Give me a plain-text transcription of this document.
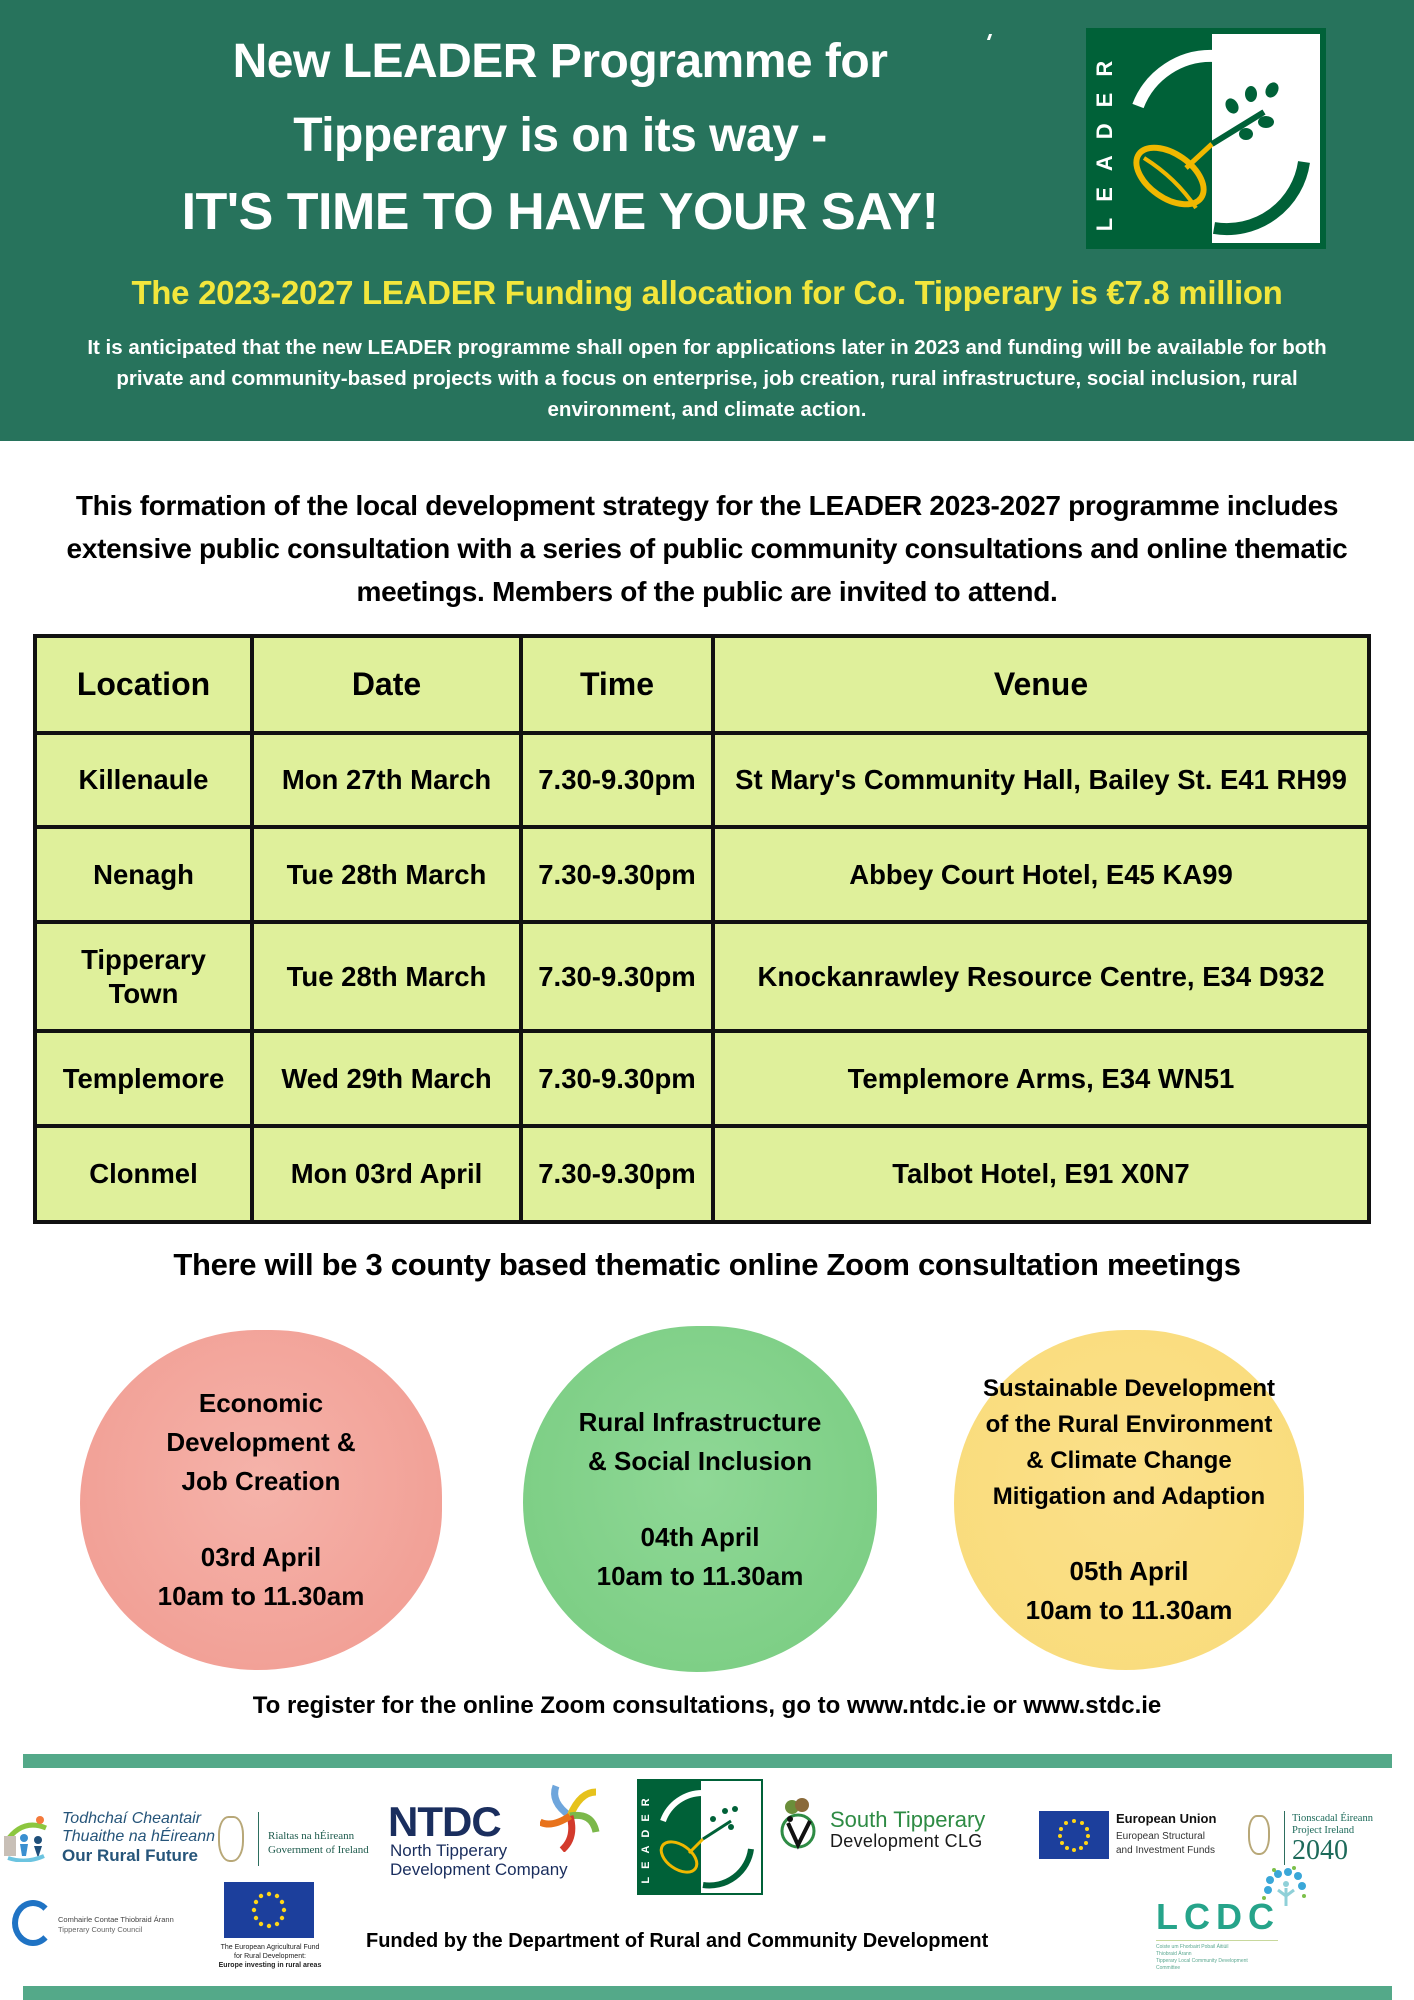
New LEADER Programme for
Tipperary is on its way -
IT'S TIME TO HAVE YOUR SAY!	LEADER
The 2023-2027 LEADER Funding allocation for Co. Tipperary is €7.8 million
It is anticipated that the new LEADER programme shall open for applications later in 2023 and funding will be available for both private and community-based projects with a focus on enterprise, job creation, rural infrastructure, social inclusion, rural environment, and climate action.
This formation of the local development strategy for the LEADER 2023-2027 programme includes extensive public consultation with a series of public community consultations and online thematic meetings. Members of the public are invited to attend.
Location	Date	Time	Venue
Killenaule	Mon 27th March	7.30-9.30pm	St Mary's Community Hall, Bailey St. E41 RH99
Nenagh	Tue 28th March	7.30-9.30pm	Abbey Court Hotel, E45 KA99
Tipperary Town	Tue 28th March	7.30-9.30pm	Knockanrawley Resource Centre, E34 D932
Templemore	Wed 29th March	7.30-9.30pm	Templemore Arms, E34 WN51
Clonmel	Mon 03rd April	7.30-9.30pm	Talbot Hotel, E91 X0N7
There will be 3 county based thematic online Zoom consultation meetings
Economic
Development &
Job Creation
03rd April
10am to 11.30am
Rural Infrastructure
& Social Inclusion
04th April
10am to 11.30am
Sustainable Development
of the Rural Environment
& Climate Change
Mitigation and Adaption
05th April
10am to 11.30am
To register for the online Zoom consultations, go to www.ntdc.ie or www.stdc.ie
Todhchaí Cheantair
Thuaithe na hÉireann
Our Rural Future
Rialtas na hÉireann
Government of Ireland
NTDC
North Tipperary
Development Company	LEADER	South Tipperary
Development CLG
European Union
European Structural
and Investment Funds
Tionscadal Éireann
Project Ireland
2040
Comhairle Contae Thiobraid Árann
Tipperary County Council
The European Agricultural Fund
for Rural Development:
Europe investing in rural areas
Funded by the Department of Rural and Community Development
LCDC
Coiste um Fhorbairt Pobail Áitiúil
Thiobraid Árann
Tipperary Local Community Development
Committee
